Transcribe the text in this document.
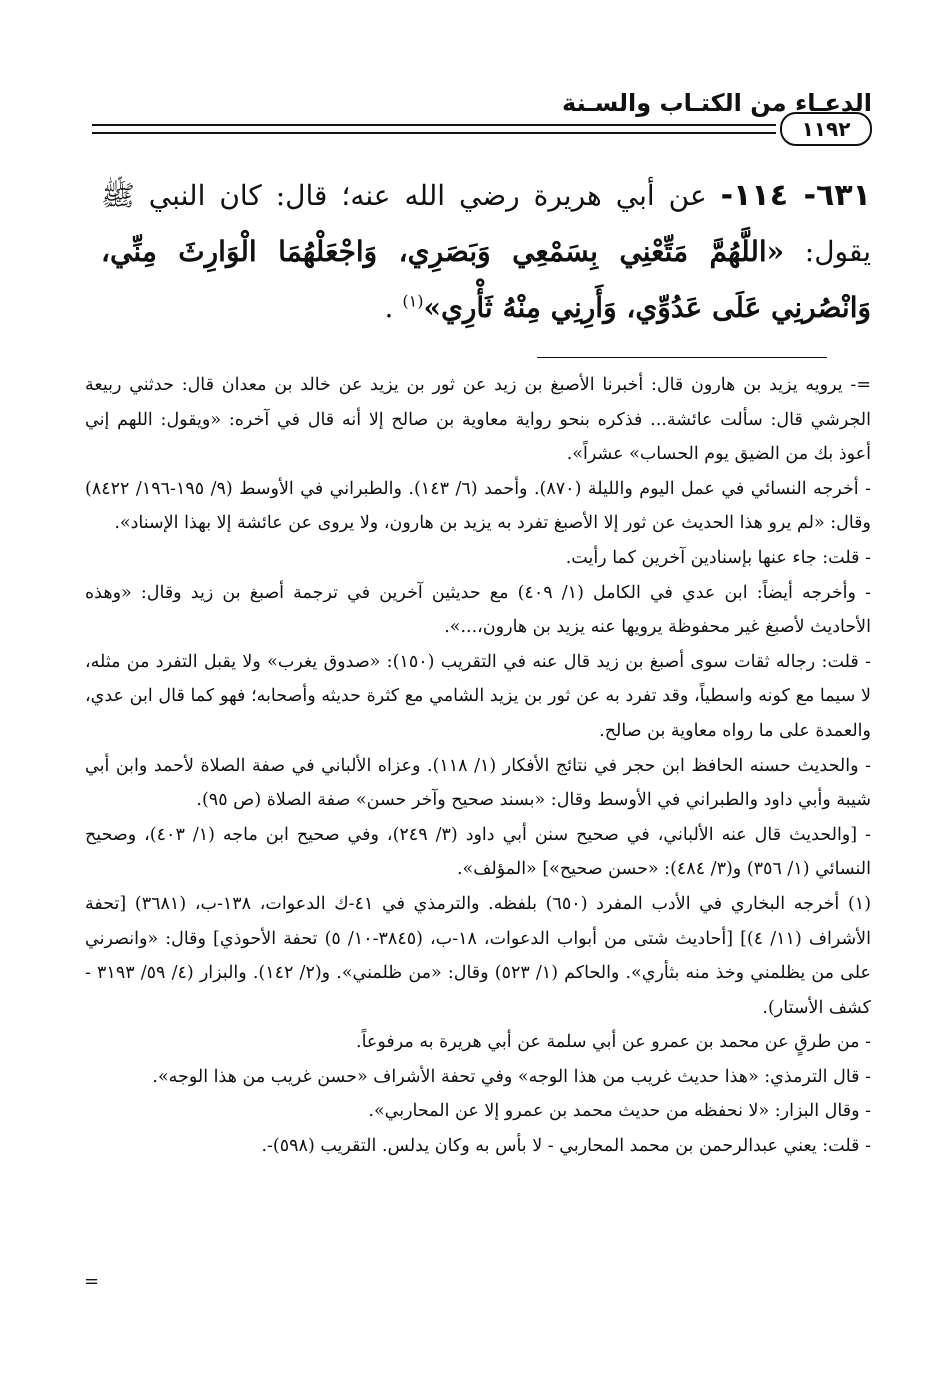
الدعـاء من الكتـاب والسـنة
١١٩٢
٦٣١- ١١٤- عن أبي هريرة رضي الله عنه؛ قال: كان النبي ﷺ يقول: «اللَّهُمَّ مَتِّعْنِي بِسَمْعِي وَبَصَرِي، وَاجْعَلْهُمَا الْوَارِثَ مِنِّي، وَانْصُرنِي عَلَى عَدُوِّي، وَأَرِنِي مِنْهُ ثَأْرِي»$^{(١)}$ .

=- يرويه يزيد بن هارون قال: أخبرنا الأصبغ بن زيد عن ثور بن يزيد عن خالد بن معدان قال: حدثني ربيعة الجرشي قال: سألت عائشة... فذكره بنحو رواية معاوية بن صالح إلا أنه قال في آخره: «ويقول: اللهم إني أعوذ بك من الضيق يوم الحساب» عشراً».

- أخرجه النسائي في عمل اليوم والليلة (٨٧٠). وأحمد (٦/ ١٤٣). والطبراني في الأوسط (٩/ ١٩٥-١٩٦/ ٨٤٢٢) وقال: «لم يرو هذا الحديث عن ثور إلا الأصبغ تفرد به يزيد بن هارون، ولا يروى عن عائشة إلا بهذا الإسناد».

- قلت: جاء عنها بإسنادين آخرين كما رأيت.

- وأخرجه أيضاً: ابن عدي في الكامل (١/ ٤٠٩) مع حديثين آخرين في ترجمة أصبغ بن زيد وقال: «وهذه الأحاديث لأصبغ غير محفوظة يرويها عنه يزيد بن هارون،...».

- قلت: رجاله ثقات سوى أصبغ بن زيد قال عنه في التقريب (١٥٠): «صدوق يغرب» ولا يقبل التفرد من مثله، لا سيما مع كونه واسطياً، وقد تفرد به عن ثور بن يزيد الشامي مع كثرة حديثه وأصحابه؛ فهو كما قال ابن عدي، والعمدة على ما رواه معاوية بن صالح.

- والحديث حسنه الحافظ ابن حجر في نتائج الأفكار (١/ ١١٨). وعزاه الألباني في صفة الصلاة لأحمد وابن أبي شيبة وأبي داود والطبراني في الأوسط وقال: «بسند صحيح وآخر حسن» صفة الصلاة (ص ٩٥).

- [والحديث قال عنه الألباني، في صحيح سنن أبي داود (٣/ ٢٤٩)، وفي صحيح ابن ماجه (١/ ٤٠٣)، وصحيح النسائي (١/ ٣٥٦) و(٣/ ٤٨٤): «حسن صحيح»] «المؤلف».

(١) أخرجه البخاري في الأدب المفرد (٦٥٠) بلفظه. والترمذي في ٤١-ك الدعوات، ١٣٨-ب، (٣٦٨١) [تحفة الأشراف (١١/ ٤)] [أحاديث شتى من أبواب الدعوات، ١٨-ب، (٣٨٤٥-١٠/ ٥) تحفة الأحوذي] وقال: «وانصرني على من يظلمني وخذ منه بثأري». والحاكم (١/ ٥٢٣) وقال: «من ظلمني». و(٢/ ١٤٢). والبزار (٤/ ٥٩/ ٣١٩٣ - كشف الأستار).

- من طرقٍ عن محمد بن عمرو عن أبي سلمة عن أبي هريرة به مرفوعاً.

- قال الترمذي: «هذا حديث غريب من هذا الوجه» وفي تحفة الأشراف «حسن غريب من هذا الوجه».

- وقال البزار: «لا نحفظه من حديث محمد بن عمرو إلا عن المحاربي».

- قلت: يعني عبدالرحمن بن محمد المحاربي - لا بأس به وكان يدلس. التقريب (٥٩٨)-.

=
